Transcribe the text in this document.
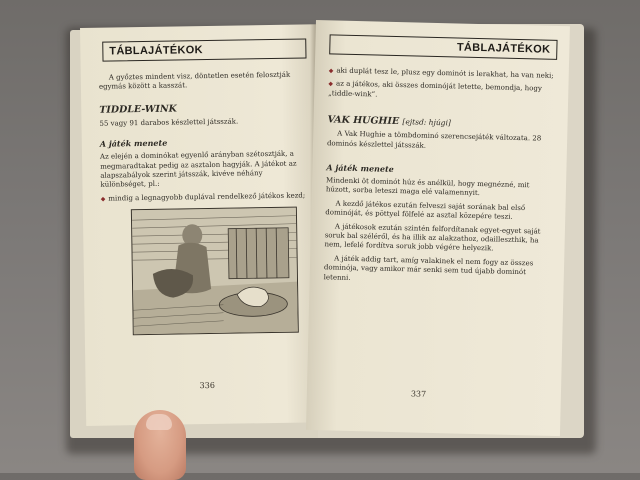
TÁBLAJÁTÉKOK
A győztes mindent visz, döntetlen esetén felosztják egymás között a kasszát.
TIDDLE-WINK
55 vagy 91 darabos készlettel játsszák.
A játék menete
Az elején a dominókat egyenlő arányban szétosztják, a megmaradtakat pedig az asztalon hagyják. A játékot az alapszabályok szerint játsszák, kivéve néhány különbséget, pl.:
◆ mindig a legnagyobb duplával rendelkező játékos kezd;
336
TÁBLAJÁTÉKOK
◆ aki duplát tesz le, plusz egy dominót is lerakhat, ha van neki;
◆ az a játékos, aki összes dominóját letette, bemondja, hogy „tiddle-wink”.
VAK HUGHIE [ejtsd: hjúgi]
A Vak Hughie a tömbdominó szerencsejáték változata. 28 dominós készlettel játsszák.
A játék menete
Mindenki öt dominót húz és anélkül, hogy megnézné, mit húzott, sorba leteszi maga elé valamennyit.
A kezdő játékos ezután felveszi saját sorának bal első dominóját, és pöttyel fölfelé az asztal közepére teszi.
A játékosok ezután szintén felfordítanak egyet-egyet saját soruk bal széléről, és ha illik az alakzathoz, odailleszthik, ha nem, lefelé fordítva soruk jobb végére helyezik.
A játék addig tart, amíg valakinek el nem fogy az összes dominója, vagy amikor már senki sem tud újabb dominót letenni.
337
